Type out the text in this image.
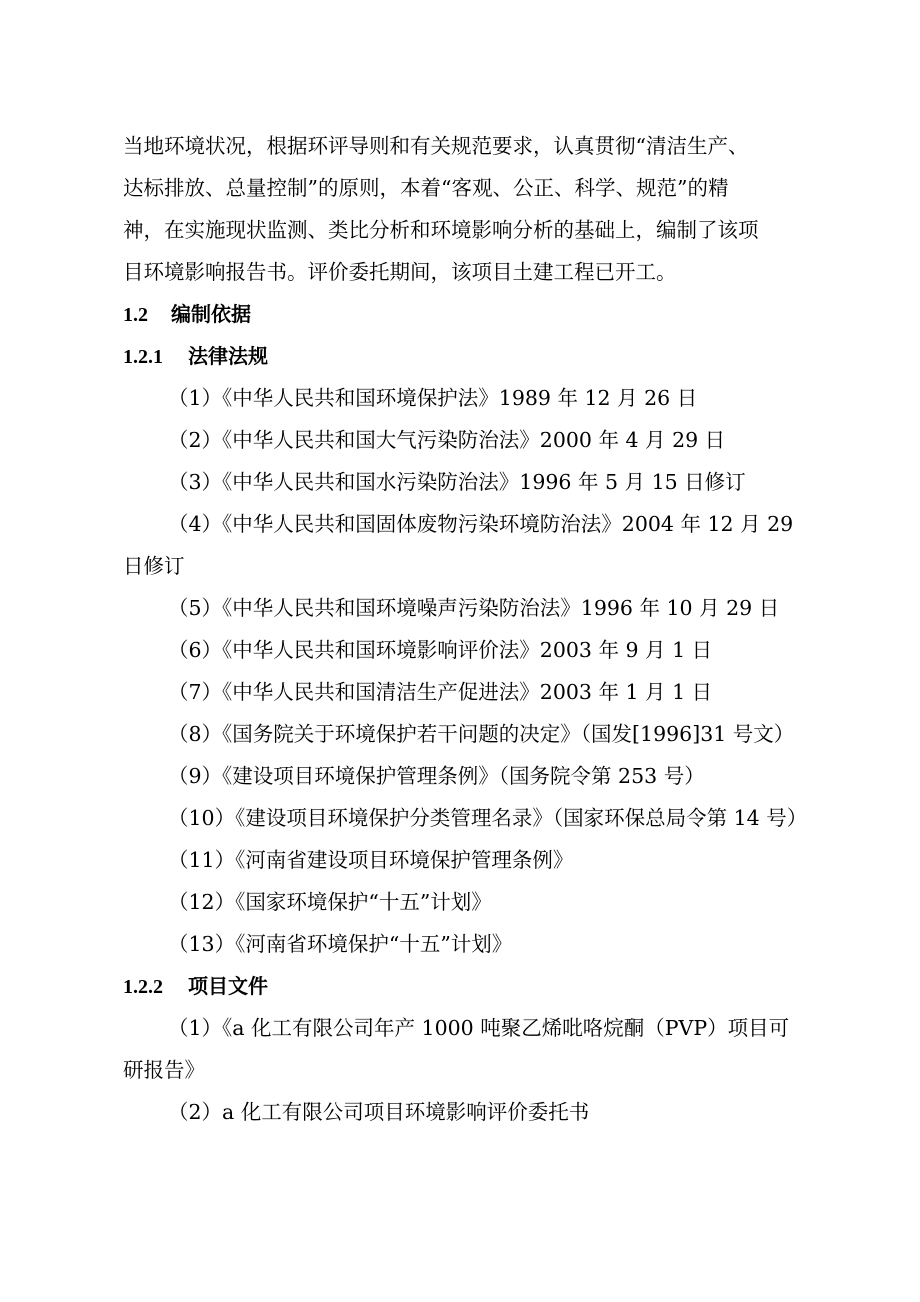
当地环境状况，根据环评导则和有关规范要求，认真贯彻“清洁生产、
达标排放、总量控制”的原则，本着“客观、公正、科学、规范”的精
神，在实施现状监测、类比分析和环境影响分析的基础上，编制了该项
目环境影响报告书。评价委托期间，该项目土建工程已开工。
1.2 编制依据
1.2.1 法律法规
（1）《中华人民共和国环境保护法》1989 年 12 月 26 日
（2）《中华人民共和国大气污染防治法》2000 年 4 月 29 日
（3）《中华人民共和国水污染防治法》1996 年 5 月 15 日修订
（4）《中华人民共和国固体废物污染环境防治法》2004 年 12 月 29
日修订
（5）《中华人民共和国环境噪声污染防治法》1996 年 10 月 29 日
（6）《中华人民共和国环境影响评价法》2003 年 9 月 1 日
（7）《中华人民共和国清洁生产促进法》2003 年 1 月 1 日
（8）《国务院关于环境保护若干问题的决定》（国发[1996]31 号文）
（9）《建设项目环境保护管理条例》（国务院令第 253 号）
（10）《建设项目环境保护分类管理名录》（国家环保总局令第 14 号）
（11）《河南省建设项目环境保护管理条例》
（12）《国家环境保护“十五”计划》
（13）《河南省环境保护“十五”计划》
1.2.2 项目文件
（1）《a 化工有限公司年产 1000 吨聚乙烯吡咯烷酮（PVP）项目可
研报告》
（2）a 化工有限公司项目环境影响评价委托书
